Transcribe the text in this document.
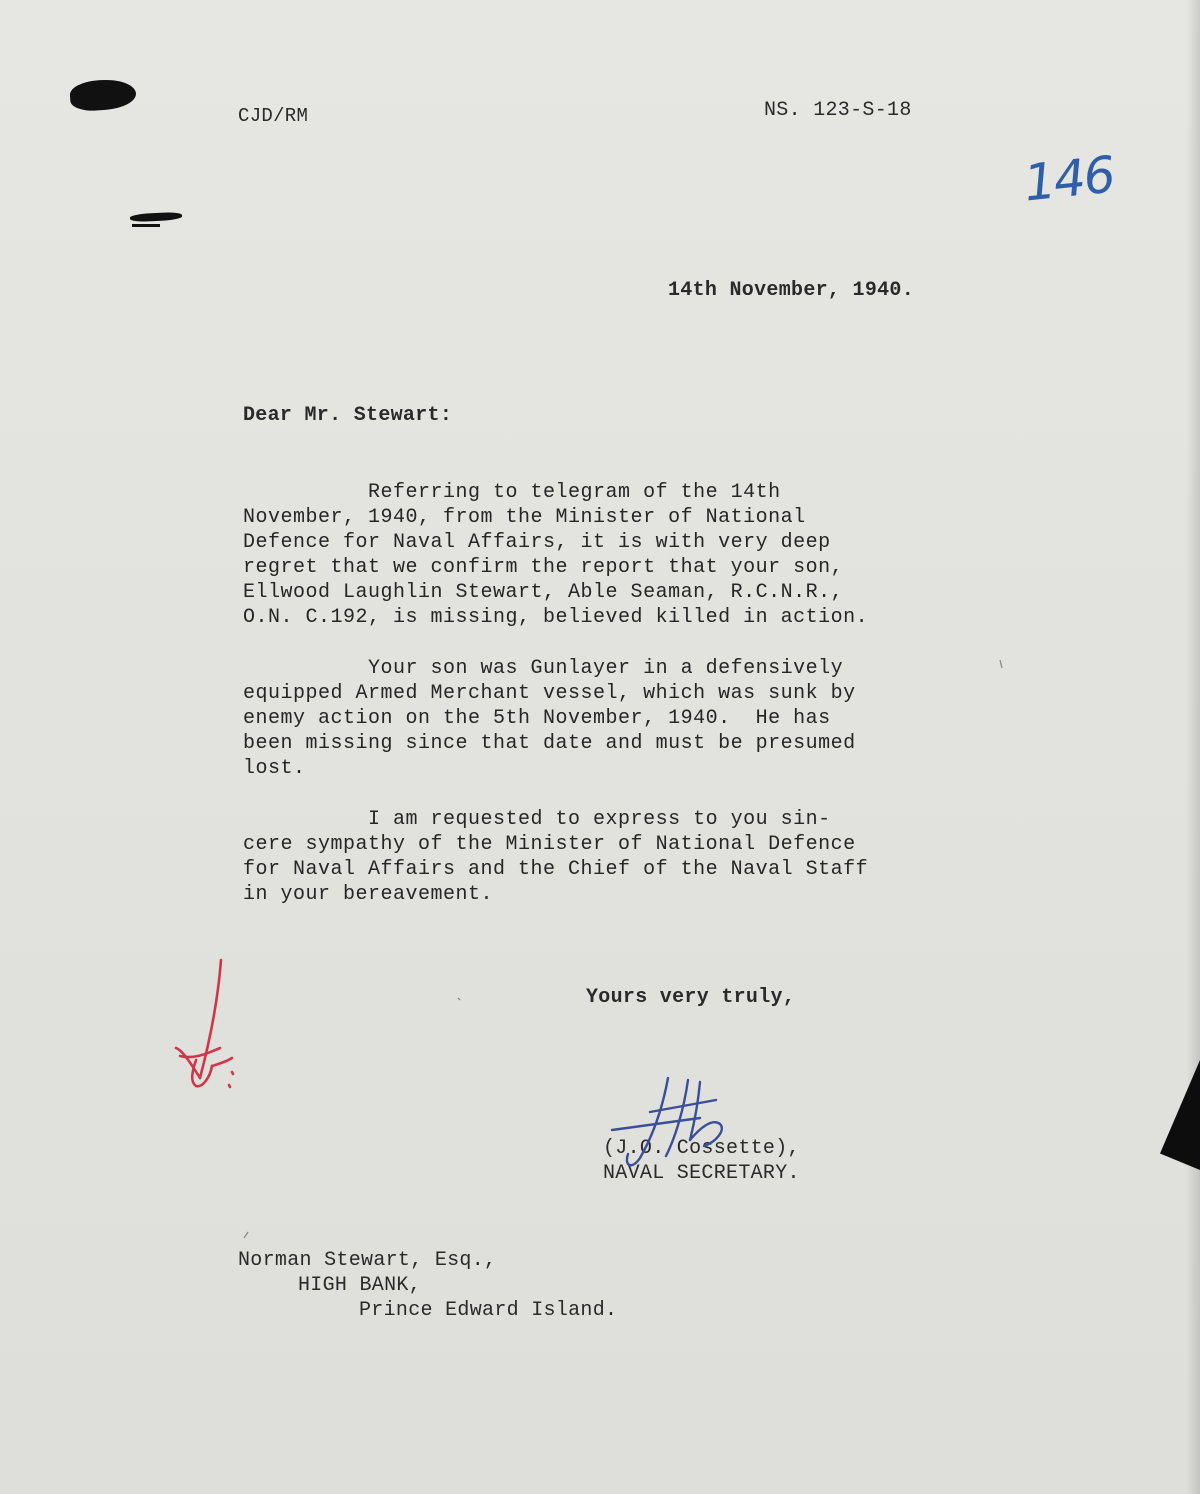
CJD/RM	NS. 123-S-18

146

14th November, 1940.

Dear Mr. Stewart:

Referring to telegram of the 14th

November, 1940, from the Minister of National

Defence for Naval Affairs, it is with very deep

regret that we confirm the report that your son,

Ellwood Laughlin Stewart, Able Seaman, R.C.N.R.,

O.N. C.192, is missing, believed killed in action.

Your son was Gunlayer in a defensively

equipped Armed Merchant vessel, which was sunk by

enemy action on the 5th November, 1940.  He has

been missing since that date and must be presumed

lost.

I am requested to express to you sin-

cere sympathy of the Minister of National Defence

for Naval Affairs and the Chief of the Naval Staff

in your bereavement.

Yours very truly,

(J.O. Cossette),

NAVAL SECRETARY.

Norman Stewart, Esq.,

HIGH BANK,

Prince Edward Island.
